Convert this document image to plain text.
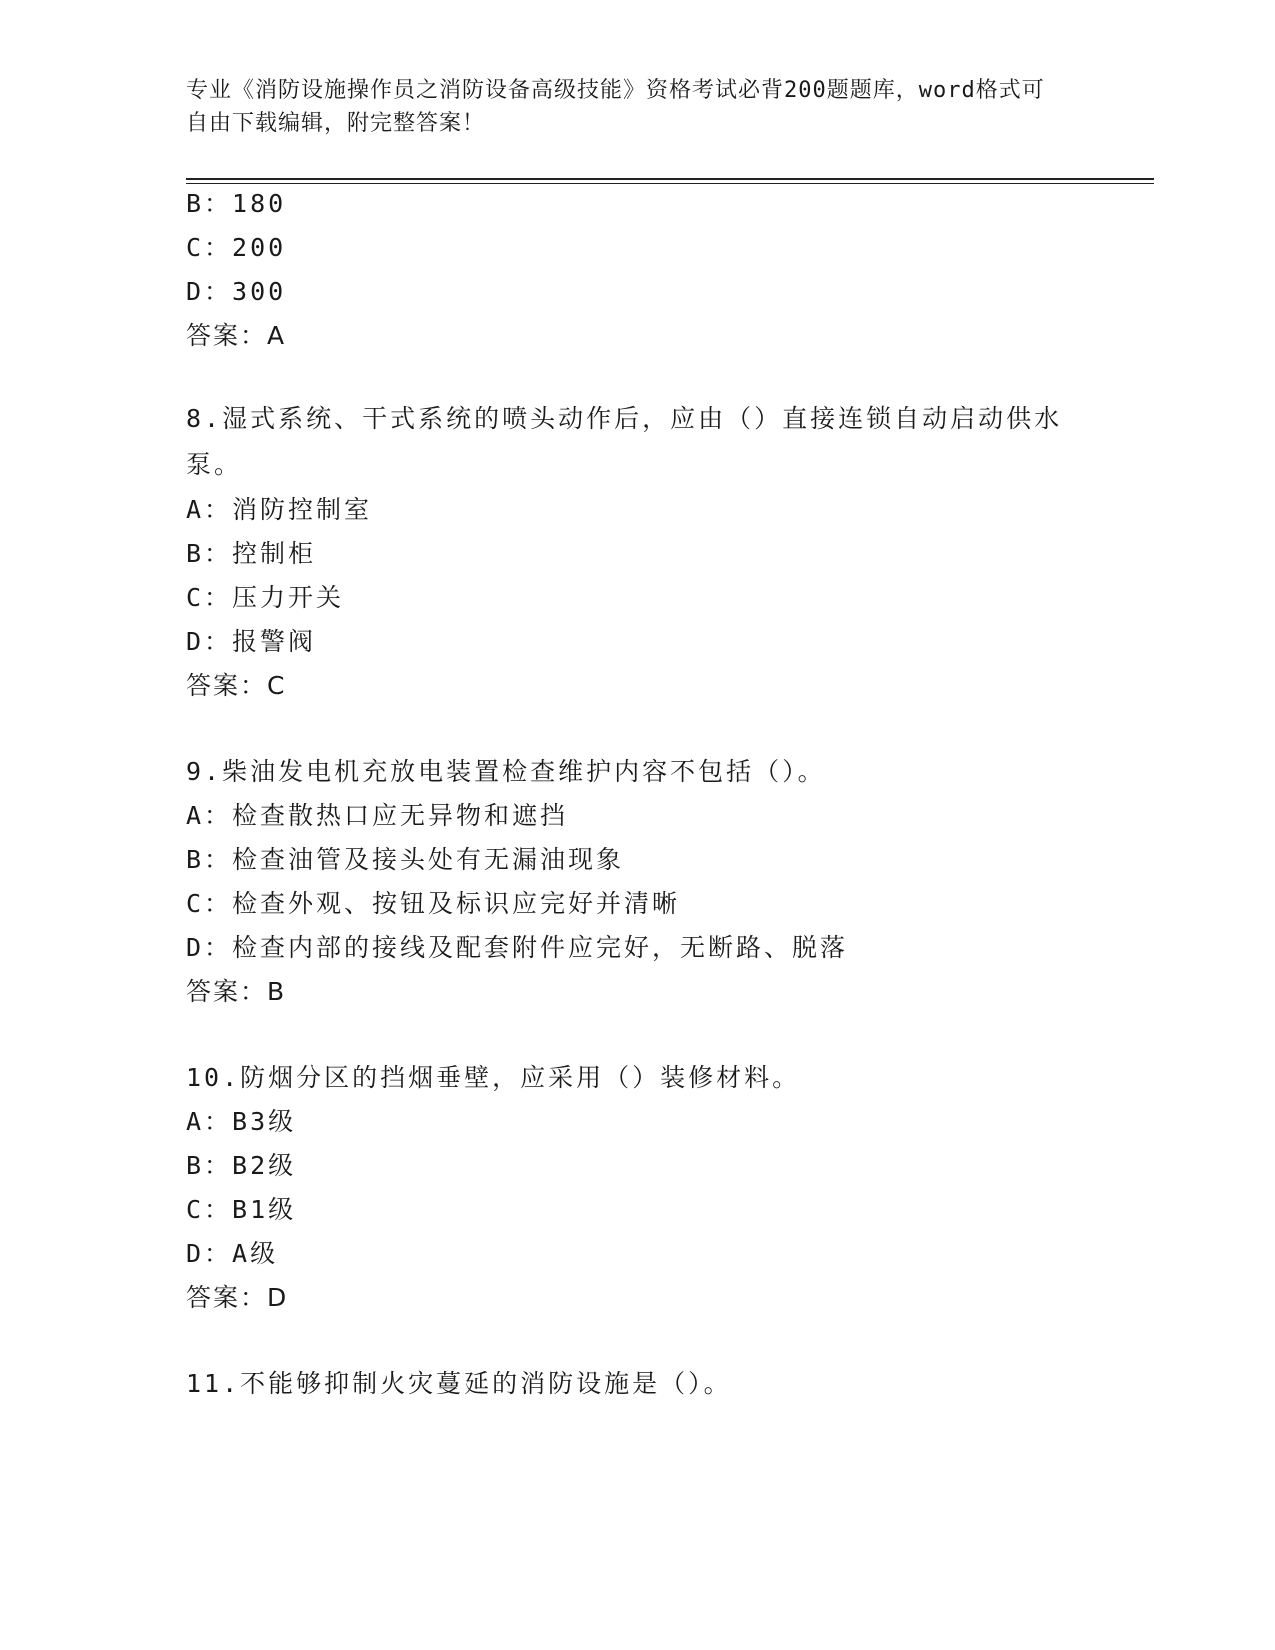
专业《消防设施操作员之消防设备高级技能》资格考试必背200题题库，word格式可自由下载编辑，附完整答案！

B：180

C：200

D：300

答案：A

8.湿式系统、干式系统的喷头动作后，应由（）直接连锁自动启动供水泵。

A：消防控制室

B：控制柜

C：压力开关

D：报警阀

答案：C

9.柴油发电机充放电装置检查维护内容不包括（）。

A：检查散热口应无异物和遮挡

B：检查油管及接头处有无漏油现象

C：检查外观、按钮及标识应完好并清晰

D：检查内部的接线及配套附件应完好，无断路、脱落

答案：B

10.防烟分区的挡烟垂壁，应采用（）装修材料。

A：B3级

B：B2级

C：B1级

D：A级

答案：D

11.不能够抑制火灾蔓延的消防设施是（）。
